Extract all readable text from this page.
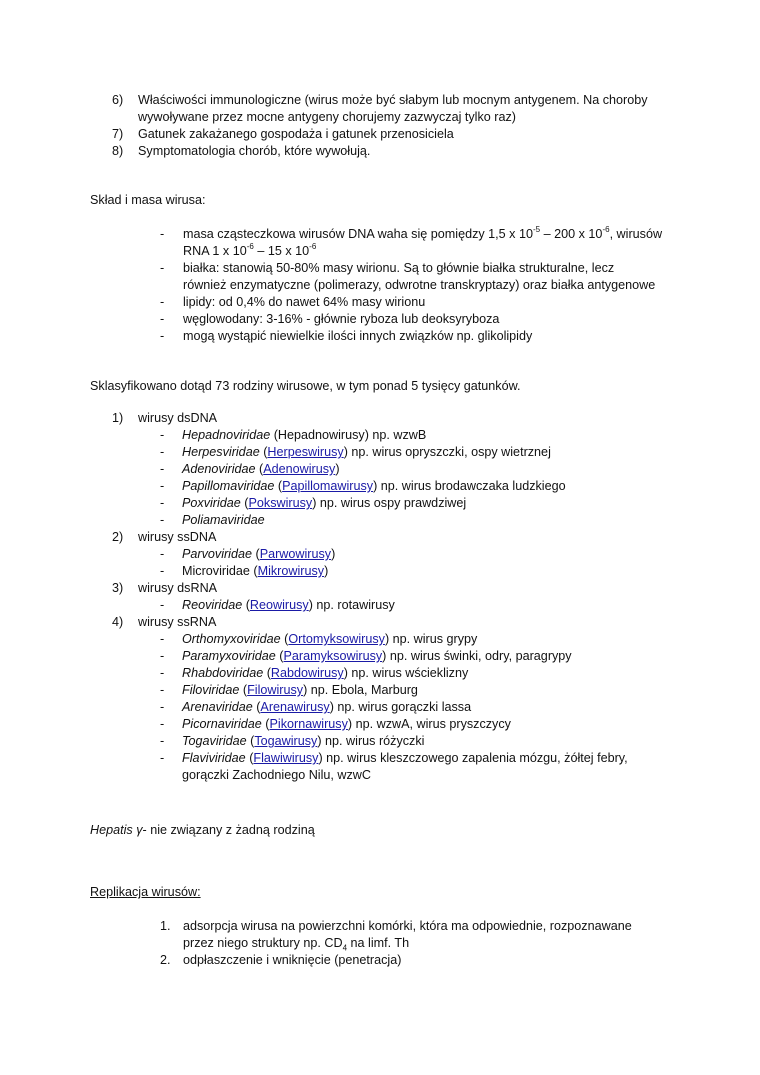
6) Właściwości immunologiczne (wirus może być słabym lub mocnym antygenem. Na choroby
wywoływane przez mocne antygeny chorujemy zazwyczaj tylko raz)
7) Gatunek zakażanego gospodaża i gatunek przenosiciela
8) Symptomatologia chorób, które wywołują.
Skład i masa wirusa:
- masa cząsteczkowa wirusów DNA waha się pomiędzy 1,5 x $10^{-5} - 200$ x $10^{-6}$, wirusów
RNA 1 x $10^{-6} - 15$ x $10^{-6}$
- białka: stanowią 50-80% masy wirionu. Są to głównie białka strukturalne, lecz
również enzymatyczne (polimerazy, odwrotne transkryptazy) oraz białka antygenowe
- lipidy: od 0,4% do nawet 64% masy wirionu
- węglowodany: 3-16% - głównie ryboza lub deoksyryboza
- mogą wystąpić niewielkie ilości innych związków np. glikolipidy
Sklasyfikowano dotąd 73 rodziny wirusowe, w tym ponad 5 tysięcy gatunków.
1) wirusy dsDNA
- Hepadnoviridae (Hepadnowirusy) np. wzwB
- Herpesviridae (Herpeswirusy) np. wirus opryszczki, ospy wietrznej
- Adenoviridae (Adenowirusy)
- Papillomaviridae (Papillomawirusy) np. wirus brodawczaka ludzkiego
- Poxviridae (Pokswirusy) np. wirus ospy prawdziwej
- Poliamaviridae
2) wirusy ssDNA
- Parvoviridae (Parwowirusy)
- Microviridae (Mikrowirusy)
3) wirusy dsRNA
- Reoviridae (Reowirusy) np. rotawirusy
4) wirusy ssRNA
- Orthomyxoviridae (Ortomyksowirusy) np. wirus grypy
- Paramyxoviridae (Paramyksowirusy) np. wirus świnki, odry, paragrypy
- Rhabdoviridae (Rabdowirusy) np. wirus wścieklizny
- Filoviridae (Filowirusy) np. Ebola, Marburg
- Arenaviridae (Arenawirusy) np. wirus gorączki lassa
- Picornaviridae (Pikornawirusy) np. wzwA, wirus pryszczycy
- Togaviridae (Togawirusy) np. wirus różyczki
- Flaviviridae (Flawiwirusy) np. wirus kleszczowego zapalenia mózgu, żółtej febry,
gorączki Zachodniego Nilu, wzwC
Hepatis γ- nie związany z żadną rodziną
Replikacja wirusów:
1. adsorpcja wirusa na powierzchni komórki, która ma odpowiednie, rozpoznawane
przez niego struktury np. $CD_4$ na limf. Th
2. odpłaszczenie i wniknięcie (penetracja)
